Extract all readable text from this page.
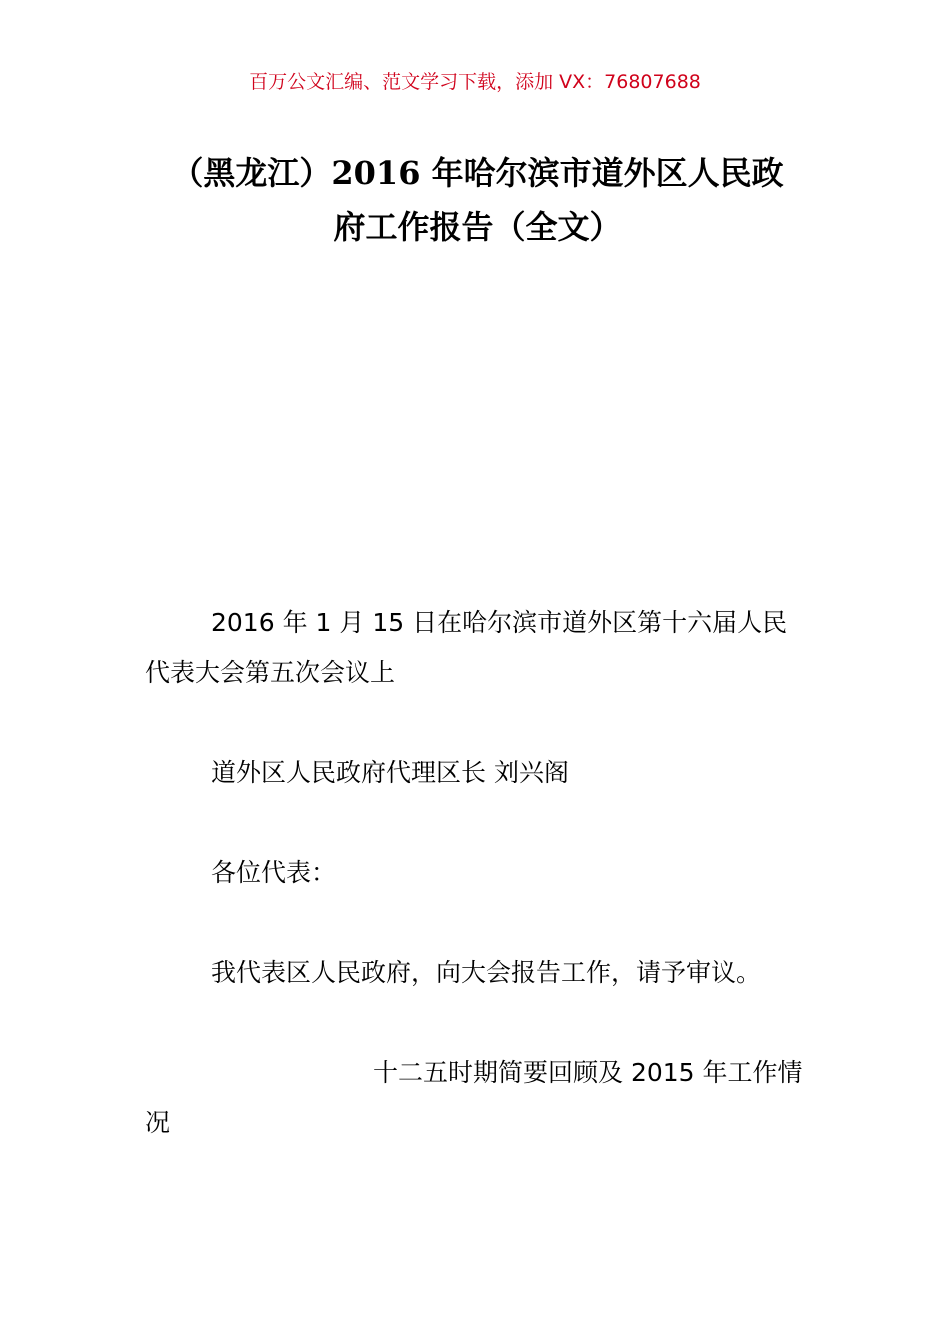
百万公文汇编、范文学习下载，添加 VX：76807688
（黑龙江）2016 年哈尔滨市道外区人民政
府工作报告（全文）
2016 年 1 月 15 日在哈尔滨市道外区第十六届人民代表大会第五次会议上
道外区人民政府代理区长 刘兴阁
各位代表：
我代表区人民政府，向大会报告工作，请予审议。
十二五时期简要回顾及 2015 年工作情况
